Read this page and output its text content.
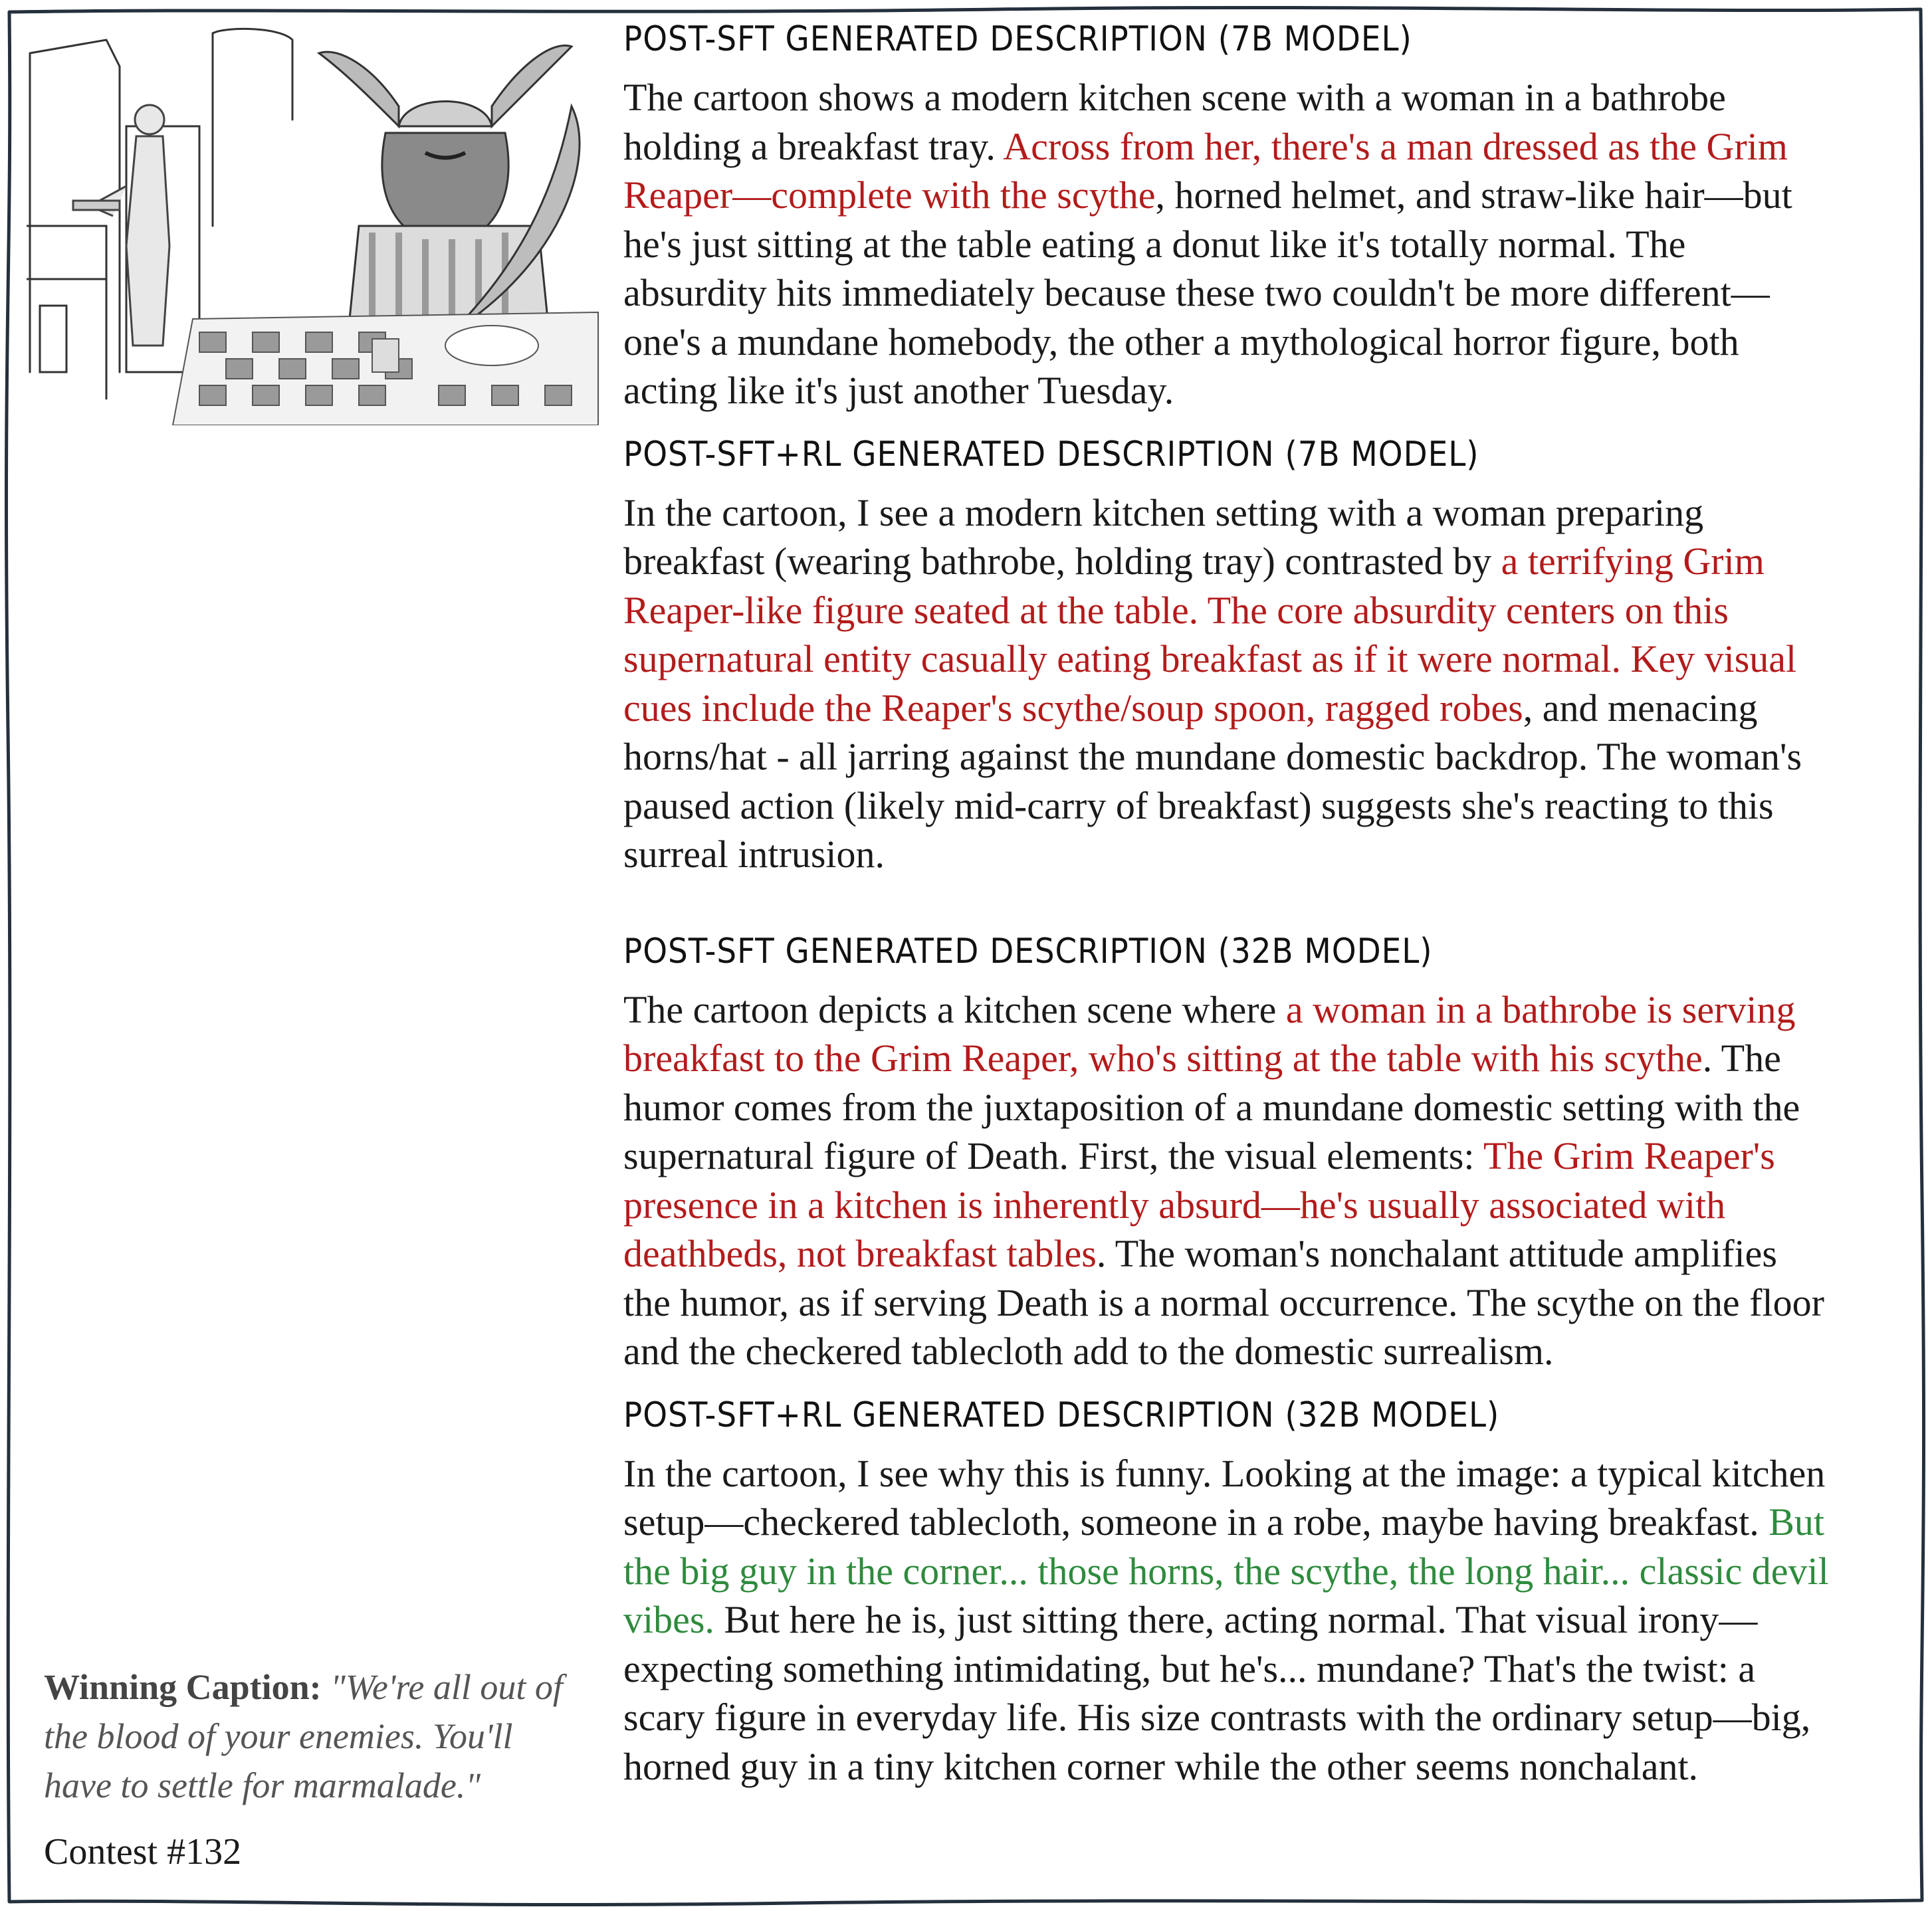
POST-SFT GENERATED DESCRIPTION (7B MODEL)

The cartoon shows a modern kitchen scene with a woman in a bathrobe
holding a breakfast tray. Across from her, there's a man dressed as the Grim
Reaper—complete with the scythe, horned helmet, and straw-like hair—but
he's just sitting at the table eating a donut like it's totally normal. The
absurdity hits immediately because these two couldn't be more different—
one's a mundane homebody, the other a mythological horror figure, both
acting like it's just another Tuesday.

POST-SFT+RL GENERATED DESCRIPTION (7B MODEL)

In the cartoon, I see a modern kitchen setting with a woman preparing
breakfast (wearing bathrobe, holding tray) contrasted by a terrifying Grim
Reaper-like figure seated at the table. The core absurdity centers on this
supernatural entity casually eating breakfast as if it were normal. Key visual
cues include the Reaper's scythe/soup spoon, ragged robes, and menacing
horns/hat - all jarring against the mundane domestic backdrop. The woman's
paused action (likely mid-carry of breakfast) suggests she's reacting to this
surreal intrusion.

POST-SFT GENERATED DESCRIPTION (32B MODEL)

The cartoon depicts a kitchen scene where a woman in a bathrobe is serving
breakfast to the Grim Reaper, who's sitting at the table with his scythe. The
humor comes from the juxtaposition of a mundane domestic setting with the
supernatural figure of Death. First, the visual elements: The Grim Reaper's
presence in a kitchen is inherently absurd—he's usually associated with
deathbeds, not breakfast tables. The woman's nonchalant attitude amplifies
the humor, as if serving Death is a normal occurrence. The scythe on the floor
and the checkered tablecloth add to the domestic surrealism.

POST-SFT+RL GENERATED DESCRIPTION (32B MODEL)

In the cartoon, I see why this is funny. Looking at the image: a typical kitchen
setup—checkered tablecloth, someone in a robe, maybe having breakfast. But
the big guy in the corner... those horns, the scythe, the long hair... classic devil
vibes. But here he is, just sitting there, acting normal. That visual irony—
expecting something intimidating, but he's... mundane? That's the twist: a
scary figure in everyday life. His size contrasts with the ordinary setup—big,
horned guy in a tiny kitchen corner while the other seems nonchalant.

Winning Caption: "We're all out of the blood of your enemies. You'll have to settle for marmalade."
Contest #132
